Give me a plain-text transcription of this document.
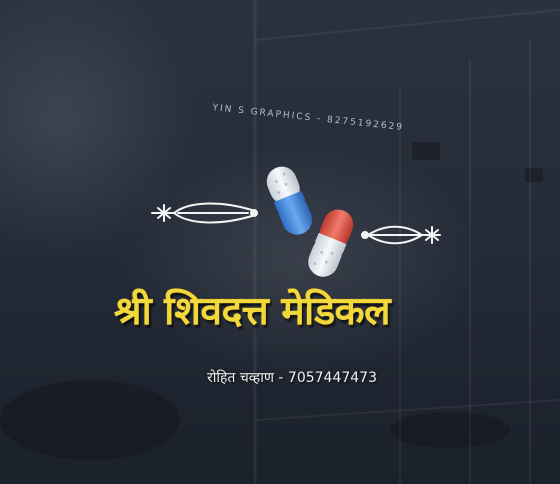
YIN S GRAPHICS - 8275192629
श्री शिवदत्त मेडिकल
रोहित चव्हाण - 7057447473
